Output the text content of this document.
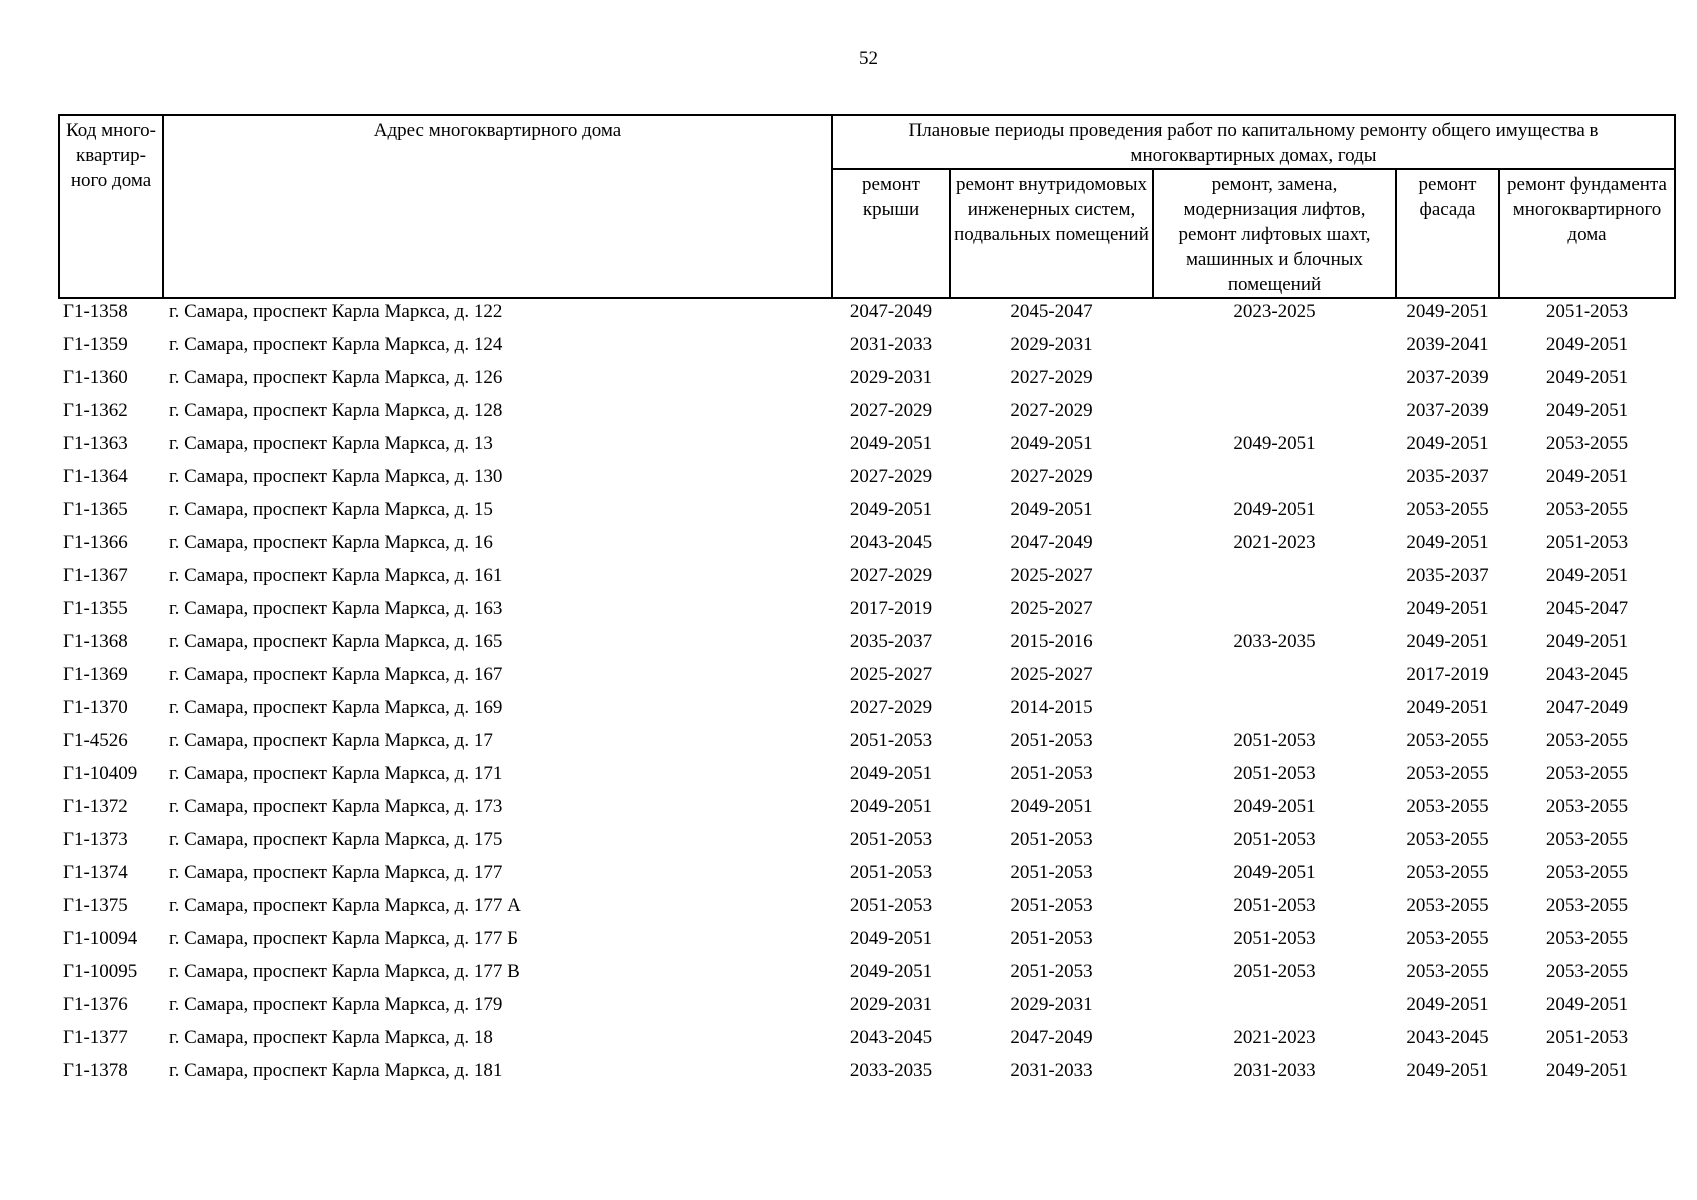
52
Код много-квартир-ного дома	Адрес многоквартирного дома	Плановые периоды проведения работ по капитальному ремонту общего имущества в многоквартирных домах, годы				

		ремонт крыши	ремонт внутридомовых инженерных систем, подвальных помещений	ремонт, замена, модернизация лифтов, ремонт лифтовых шахт, машинных и блочных помещений	ремонт фасада	ремонт фундамента многоквартирного дома
Г1-1358	г. Самара, проспект Карла Маркса, д. 122	2047-2049	2045-2047	2023-2025	2049-2051	2051-2053
Г1-1359	г. Самара, проспект Карла Маркса, д. 124	2031-2033	2029-2031		2039-2041	2049-2051
Г1-1360	г. Самара, проспект Карла Маркса, д. 126	2029-2031	2027-2029		2037-2039	2049-2051
Г1-1362	г. Самара, проспект Карла Маркса, д. 128	2027-2029	2027-2029		2037-2039	2049-2051
Г1-1363	г. Самара, проспект Карла Маркса, д. 13	2049-2051	2049-2051	2049-2051	2049-2051	2053-2055
Г1-1364	г. Самара, проспект Карла Маркса, д. 130	2027-2029	2027-2029		2035-2037	2049-2051
Г1-1365	г. Самара, проспект Карла Маркса, д. 15	2049-2051	2049-2051	2049-2051	2053-2055	2053-2055
Г1-1366	г. Самара, проспект Карла Маркса, д. 16	2043-2045	2047-2049	2021-2023	2049-2051	2051-2053
Г1-1367	г. Самара, проспект Карла Маркса, д. 161	2027-2029	2025-2027		2035-2037	2049-2051
Г1-1355	г. Самара, проспект Карла Маркса, д. 163	2017-2019	2025-2027		2049-2051	2045-2047
Г1-1368	г. Самара, проспект Карла Маркса, д. 165	2035-2037	2015-2016	2033-2035	2049-2051	2049-2051
Г1-1369	г. Самара, проспект Карла Маркса, д. 167	2025-2027	2025-2027		2017-2019	2043-2045
Г1-1370	г. Самара, проспект Карла Маркса, д. 169	2027-2029	2014-2015		2049-2051	2047-2049
Г1-4526	г. Самара, проспект Карла Маркса, д. 17	2051-2053	2051-2053	2051-2053	2053-2055	2053-2055
Г1-10409	г. Самара, проспект Карла Маркса, д. 171	2049-2051	2051-2053	2051-2053	2053-2055	2053-2055
Г1-1372	г. Самара, проспект Карла Маркса, д. 173	2049-2051	2049-2051	2049-2051	2053-2055	2053-2055
Г1-1373	г. Самара, проспект Карла Маркса, д. 175	2051-2053	2051-2053	2051-2053	2053-2055	2053-2055
Г1-1374	г. Самара, проспект Карла Маркса, д. 177	2051-2053	2051-2053	2049-2051	2053-2055	2053-2055
Г1-1375	г. Самара, проспект Карла Маркса, д. 177 А	2051-2053	2051-2053	2051-2053	2053-2055	2053-2055
Г1-10094	г. Самара, проспект Карла Маркса, д. 177 Б	2049-2051	2051-2053	2051-2053	2053-2055	2053-2055
Г1-10095	г. Самара, проспект Карла Маркса, д. 177 В	2049-2051	2051-2053	2051-2053	2053-2055	2053-2055
Г1-1376	г. Самара, проспект Карла Маркса, д. 179	2029-2031	2029-2031		2049-2051	2049-2051
Г1-1377	г. Самара, проспект Карла Маркса, д. 18	2043-2045	2047-2049	2021-2023	2043-2045	2051-2053
Г1-1378	г. Самара, проспект Карла Маркса, д. 181	2033-2035	2031-2033	2031-2033	2049-2051	2049-2051
